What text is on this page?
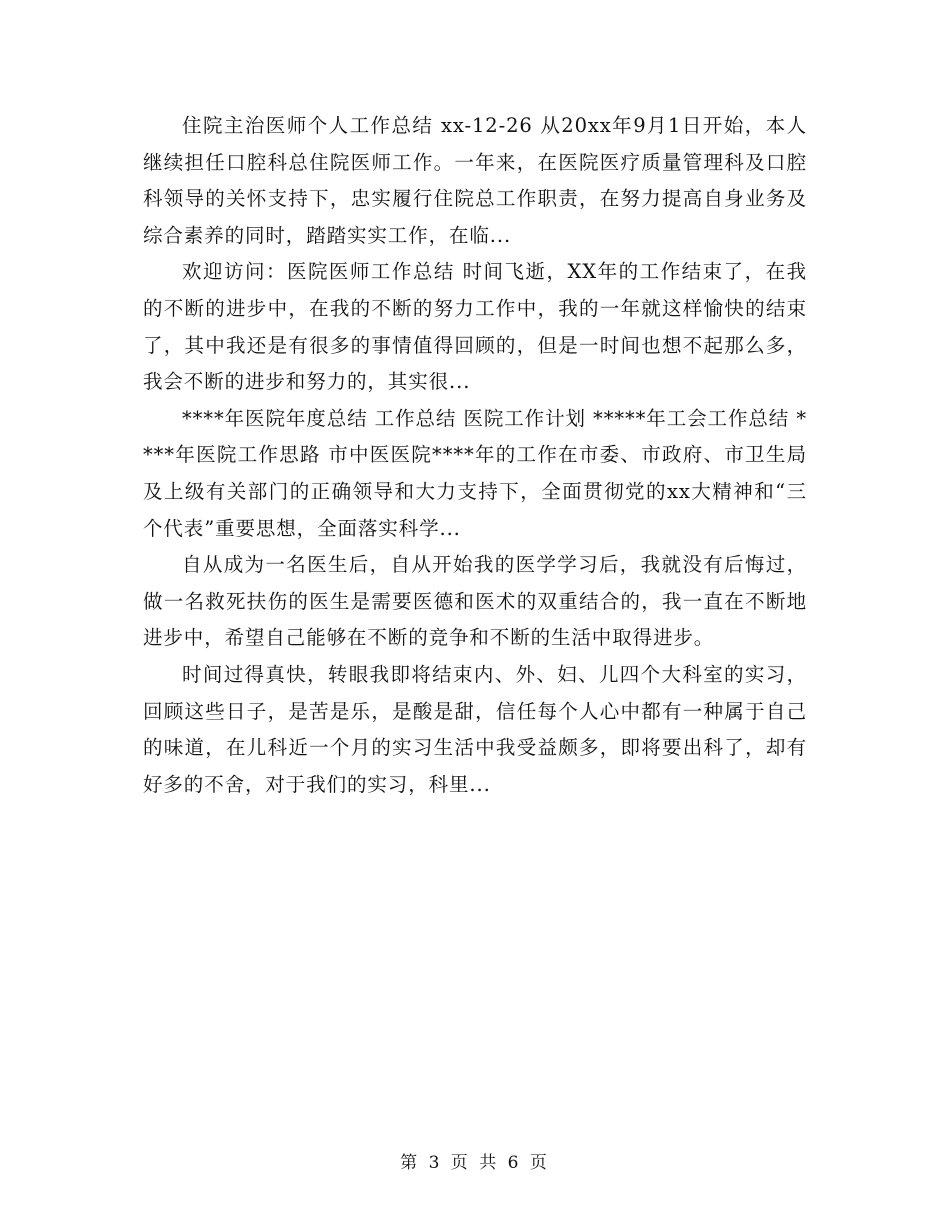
住院主治医师个人工作总结 xx-12-26 从20xx年9月1日开始，本人继续担任口腔科总住院医师工作。一年来，在医院医疗质量管理科及口腔科领导的关怀支持下，忠实履行住院总工作职责，在努力提高自身业务及综合素养的同时，踏踏实实工作，在临...

欢迎访问：医院医师工作总结 时间飞逝，XX年的工作结束了，在我的不断的进步中，在我的不断的努力工作中，我的一年就这样愉快的结束了，其中我还是有很多的事情值得回顾的，但是一时间也想不起那么多，我会不断的进步和努力的，其实很...

****年医院年度总结 工作总结 医院工作计划 *****年工会工作总结 ****年医院工作思路 市中医医院****年的工作在市委、市政府、市卫生局及上级有关部门的正确领导和大力支持下，全面贯彻党的xx大精神和“三个代表”重要思想，全面落实科学...

自从成为一名医生后，自从开始我的医学学习后，我就没有后悔过，做一名救死扶伤的医生是需要医德和医术的双重结合的，我一直在不断地进步中，希望自己能够在不断的竞争和不断的生活中取得进步。

时间过得真快，转眼我即将结束内、外、妇、儿四个大科室的实习，回顾这些日子，是苦是乐，是酸是甜，信任每个人心中都有一种属于自己的味道，在儿科近一个月的实习生活中我受益颇多，即将要出科了，却有好多的不舍，对于我们的实习，科里...

第 3 页 共 6 页
